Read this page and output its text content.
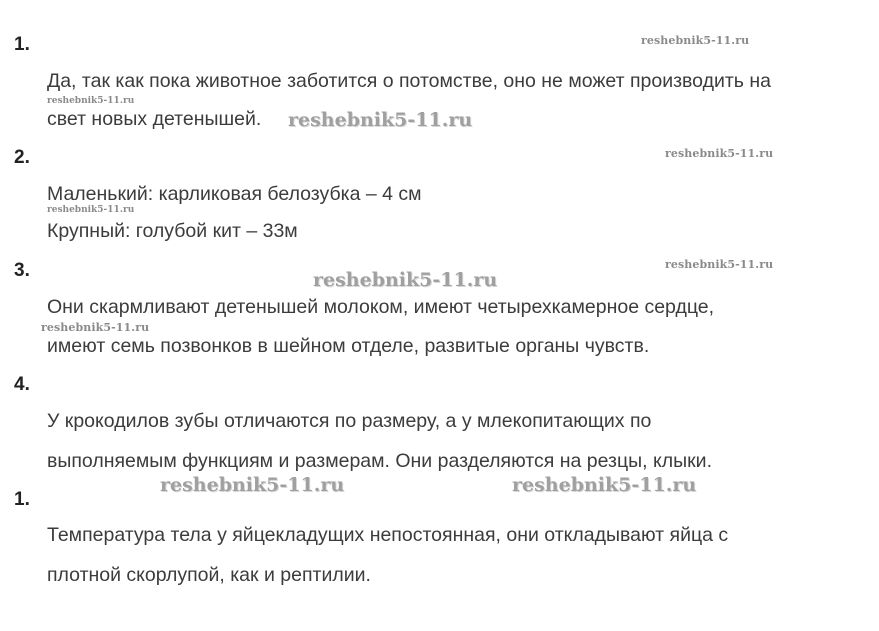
1.
Да, так как пока животное заботится о потомстве, оно не может производить на
свет новых детенышей.
2.
Маленький: карликовая белозубка – 4 см
Крупный: голубой кит – 33м
3.
Они скармливают детенышей молоком, имеют четырехкамерное сердце,
имеют семь позвонков в шейном отделе, развитые органы чувств.
4.
У крокодилов зубы отличаются по размеру, а у млекопитающих по
выполняемым функциям и размерам. Они разделяются на резцы, клыки.
1.
Температура тела у яйцекладущих непостоянная, они откладывают яйца с
плотной скорлупой, как и рептилии.
reshebnik5-11.ru
reshebnik5-11.ru
reshebnik5-11.ru
reshebnik5-11.ru
reshebnik5-11.ru
reshebnik5-11.ru
reshebnik5-11.ru
reshebnik5-11.ru
reshebnik5-11.ru	reshebnik5-11.ru
